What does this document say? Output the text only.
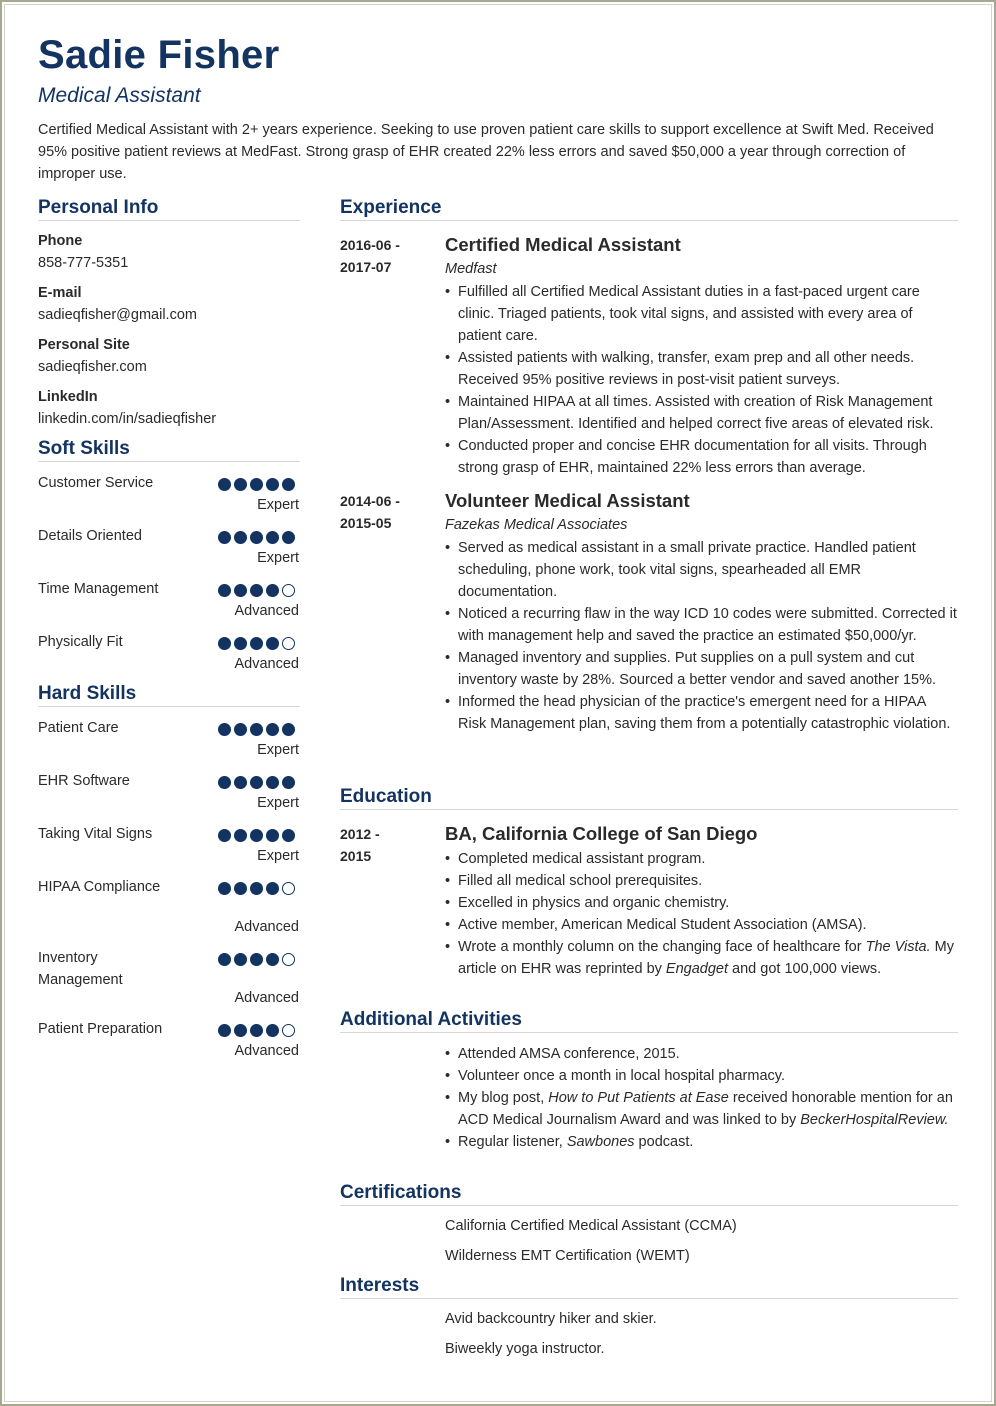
Sadie Fisher
Medical Assistant
Certified Medical Assistant with 2+ years experience. Seeking to use proven patient care skills to support excellence at Swift Med. Received 95% positive patient reviews at MedFast. Strong grasp of EHR created 22% less errors and saved $50,000 a year through correction of improper use.
Personal Info
Phone
858-777-5351
E-mail
sadieqfisher@gmail.com
Personal Site
sadieqfisher.com
LinkedIn
linkedin.com/in/sadieqfisher
Soft Skills
Customer Service
Expert
Details Oriented
Expert
Time Management
Advanced
Physically Fit
Advanced
Hard Skills
Patient Care
Expert
EHR Software
Expert
Taking Vital Signs
Expert
HIPAA Compliance
Advanced
Inventory Management
Advanced
Patient Preparation
Advanced
Experience
2016-06 -
2017-07
Certified Medical Assistant
Medfast
• Fulfilled all Certified Medical Assistant duties in a fast-paced urgent care clinic. Triaged patients, took vital signs, and assisted with every area of patient care.
• Assisted patients with walking, transfer, exam prep and all other needs. Received 95% positive reviews in post-visit patient surveys.
• Maintained HIPAA at all times. Assisted with creation of Risk Management Plan/Assessment. Identified and helped correct five areas of elevated risk.
• Conducted proper and concise EHR documentation for all visits. Through strong grasp of EHR, maintained 22% less errors than average.
2014-06 -
2015-05
Volunteer Medical Assistant
Fazekas Medical Associates
• Served as medical assistant in a small private practice. Handled patient scheduling, phone work, took vital signs, spearheaded all EMR documentation.
• Noticed a recurring flaw in the way ICD 10 codes were submitted. Corrected it with management help and saved the practice an estimated $50,000/yr.
• Managed inventory and supplies. Put supplies on a pull system and cut inventory waste by 28%. Sourced a better vendor and saved another 15%.
• Informed the head physician of the practice's emergent need for a HIPAA Risk Management plan, saving them from a potentially catastrophic violation.
Education
2012 -
2015
BA, California College of San Diego
• Completed medical assistant program.
• Filled all medical school prerequisites.
• Excelled in physics and organic chemistry.
• Active member, American Medical Student Association (AMSA).
• Wrote a monthly column on the changing face of healthcare for The Vista. My article on EHR was reprinted by Engadget and got 100,000 views.
Additional Activities
• Attended AMSA conference, 2015.
• Volunteer once a month in local hospital pharmacy.
• My blog post, How to Put Patients at Ease received honorable mention for an ACD Medical Journalism Award and was linked to by BeckerHospitalReview.
• Regular listener, Sawbones podcast.
Certifications
California Certified Medical Assistant (CCMA)
Wilderness EMT Certification (WEMT)
Interests
Avid backcountry hiker and skier.
Biweekly yoga instructor.
